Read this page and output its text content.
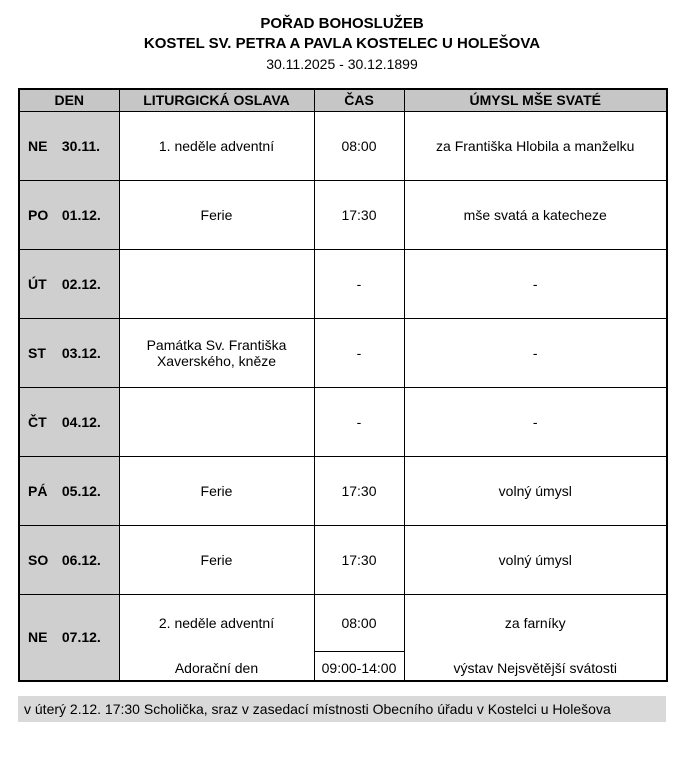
POŘAD BOHOSLUŽEB
KOSTEL SV. PETRA A PAVLA KOSTELEC U HOLEŠOVA
30.11.2025 - 30.12.1899
DEN	LITURGICKÁ OSLAVA	ČAS	ÚMYSL MŠE SVATÉ
NE 30.11.	1. neděle adventní	08:00	za Františka Hlobila a manželku
PO 01.12.	Ferie	17:30	mše svatá a katecheze
ÚT 02.12.		-	-
ST 03.12.	Památka Sv. Františka Xaverského, kněze	-	-
ČT 04.12.		-	-
PÁ 05.12.	Ferie	17:30	volný úmysl
SO 06.12.	Ferie	17:30	volný úmysl
NE 07.12.	2. neděle adventní	08:00	za farníky
	Adorační den	09:00-14:00	výstav Nejsvětější svátosti
v úterý 2.12. 17:30 Scholička, sraz v zasedací místnosti Obecního úřadu v Kostelci u Holešova
